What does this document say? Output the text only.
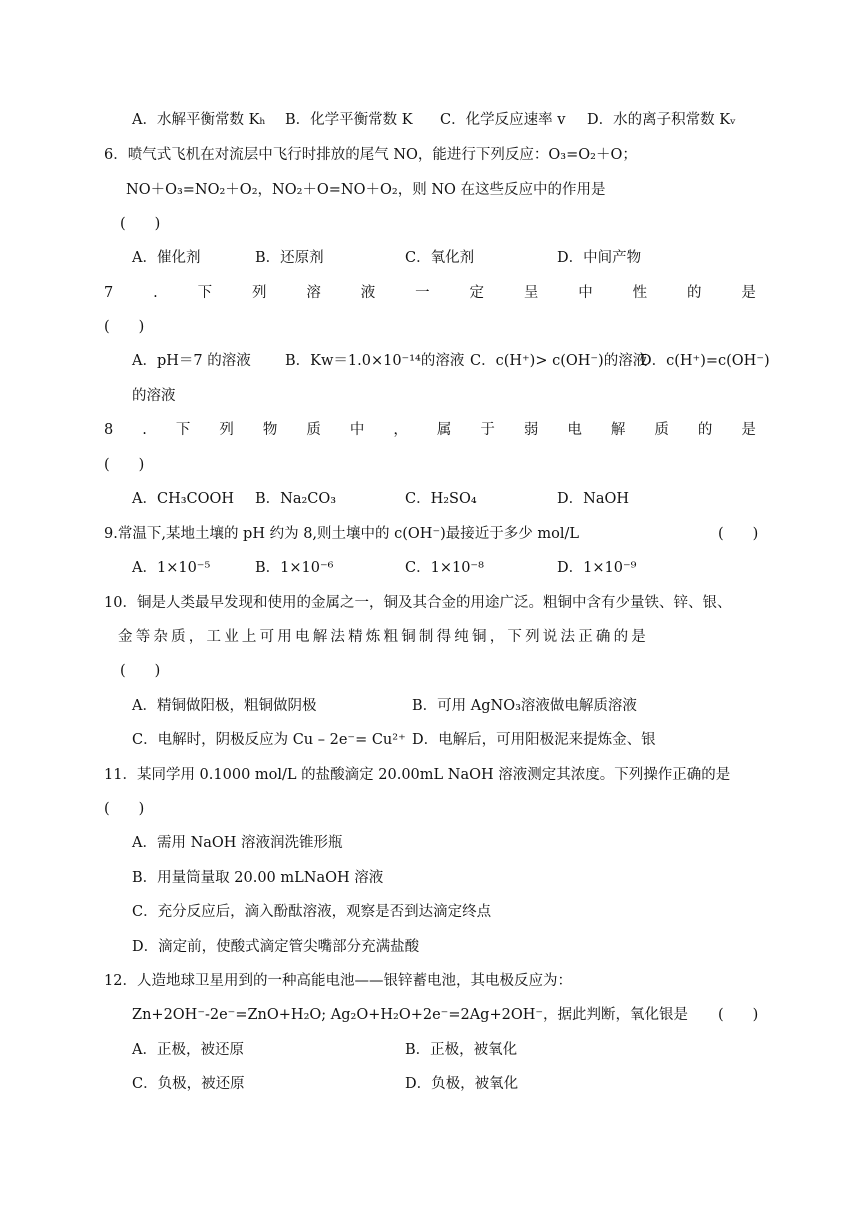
A．水解平衡常数 Kₕ B．化学平衡常数 K C．化学反应速率 v D．水的离子积常数 Kᵥ
6．喷气式飞机在对流层中飞行时排放的尾气 NO，能进行下列反应：O₃=O₂＋O；
NO＋O₃=NO₂＋O₂，NO₂＋O=NO＋O₂，则 NO 在这些反应中的作用是
(　　)
A．催化剂	B．还原剂	C．氧化剂	D．中间产物
7	.	下	列	溶	液	一	定	呈	中	性	的	是
(　　)
A．pH＝7 的溶液 B．Kw＝1.0×10⁻¹⁴的溶液 C．c(H⁺)> c(OH⁻)的溶液
D．c(H⁺)=c(OH⁻)
的溶液
8 . 下 列 物 质 中 ， 属 于 弱 电 解 质 的 是
(　　)
A．CH₃COOH B．Na₂CO₃	C．H₂SO₄	D．NaOH
9.常温下,某地土壤的 pH 约为 8,则土壤中的 c(OH⁻)最接近于多少 mol/L	(　　)
A．1×10⁻⁵	B．1×10⁻⁶	C．1×10⁻⁸	D．1×10⁻⁹
10．铜是人类最早发现和使用的金属之一，铜及其合金的用途广泛。粗铜中含有少量铁、锌、银、
金等杂质，工业上可用电解法精炼粗铜制得纯铜，下列说法正确的是
(　　)
A．精铜做阳极，粗铜做阴极	B．可用 AgNO₃溶液做电解质溶液
C．电解时，阴极反应为 Cu – 2e⁻= Cu²⁺ D．电解后，可用阳极泥来提炼金、银
11．某同学用 0.1000 mol/L 的盐酸滴定 20.00mL NaOH 溶液测定其浓度。下列操作正确的是
(　　)
A．需用 NaOH 溶液润洗锥形瓶
B．用量筒量取 20.00 mLNaOH 溶液
C．充分反应后，滴入酚酞溶液，观察是否到达滴定终点
D．滴定前，使酸式滴定管尖嘴部分充满盐酸
12．人造地球卫星用到的一种高能电池——银锌蓄电池，其电极反应为：
Zn+2OH⁻-2e⁻=ZnO+H₂O; Ag₂O+H₂O+2e⁻=2Ag+2OH⁻，据此判断，氧化银是 (　　)
A．正极，被还原	B．正极，被氧化
C．负极，被还原	D．负极，被氧化
